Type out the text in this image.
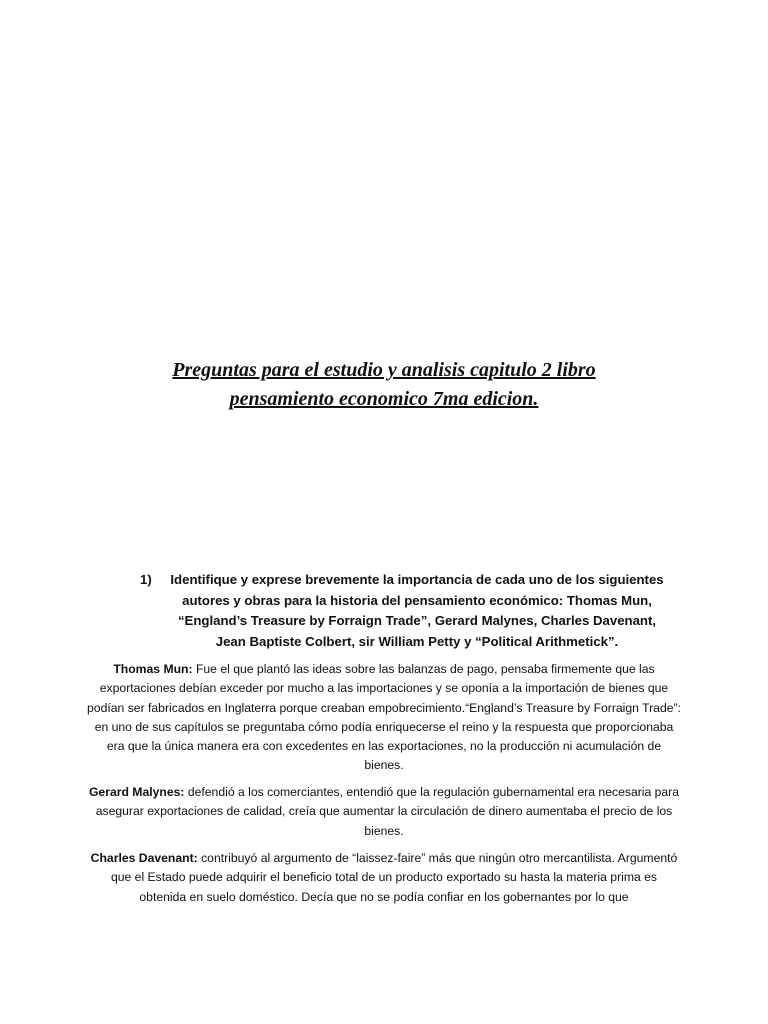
Preguntas para el estudio y analisis capitulo 2 libro
pensamiento economico 7ma edicion.
1)	Identifique y exprese brevemente la importancia de cada uno de los siguientes autores y obras para la historia del pensamiento económico: Thomas Mun, “England’s Treasure by Forraign Trade”, Gerard Malynes, Charles Davenant, Jean Baptiste Colbert, sir William Petty y “Political Arithmetick”.

Thomas Mun: Fue el que plantó las ideas sobre las balanzas de pago, pensaba firmemente que las exportaciones debían exceder por mucho a las importaciones y se oponía a la importación de bienes que podían ser fabricados en Inglaterra porque creaban empobrecimiento.“England’s Treasure by Forraign Trade”: en uno de sus capítulos se preguntaba cómo podía enriquecerse el reino y la respuesta que proporcionaba era que la única manera era con excedentes en las exportaciones, no la producción ni acumulación de bienes.

Gerard Malynes: defendió a los comerciantes, entendió que la regulación gubernamental era necesaria para asegurar exportaciones de calidad, creía que aumentar la circulación de dinero aumentaba el precio de los bienes.

Charles Davenant: contribuyó al argumento de “laissez-faire” más que ningún otro mercantilista. Argumentó que el Estado puede adquirir el beneficio total de un producto exportado su hasta la materia prima es obtenida en suelo doméstico. Decía que no se podía confiar en los gobernantes por lo que
